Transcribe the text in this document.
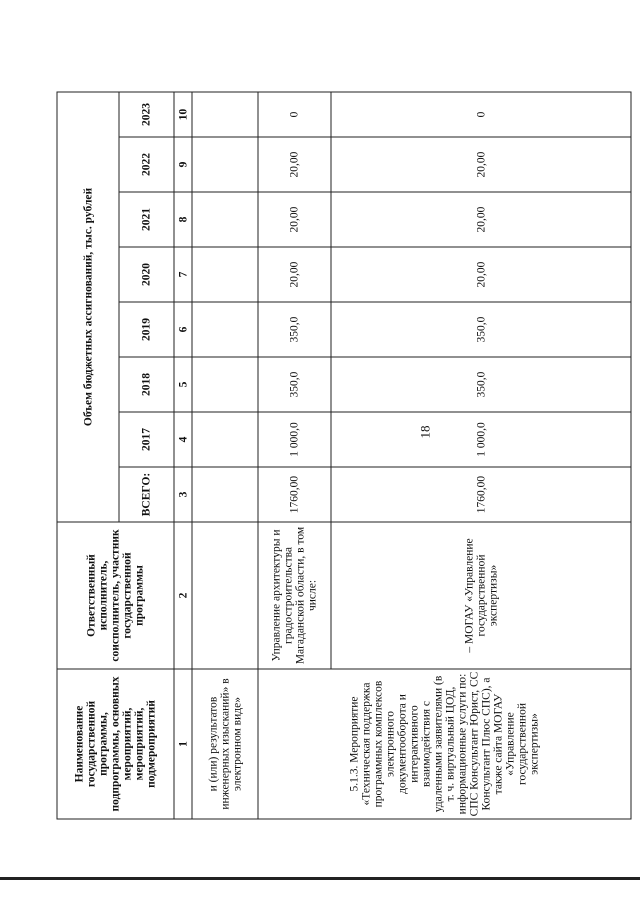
18
Наименование государственной программы, подпрограммы, основных мероприятий, мероприятий, подмероприятий	Ответственный исполнитель, соисполнитель, участник государственной программы	Объем бюджетных ассигнований, тыс. рублей							
		ВСЕГО:	2017	2018	2019	2020	2021	2022	2023
1	2	3	4	5	6	7	8	9	10
и (или) результатов инженерных изысканий» в электронном виде»									
5.1.3. Мероприятие «Техническая поддержка программных комплексов электронного документооборота и интерактивного взаимодействия с удаленными заявителями (в т. ч. виртуальный ЦОД, информационные услуги по: СПС Консультант Юрист, СС Консультант Плюс СПС), а также сайта МОГАУ «Управление государственной экспертизы»	Управление архитектуры и градостроительства Магаданской области, в том числе:	1760,00	1 000,0	350,0	350,0	20,00	20,00	20,00	0
	– МОГАУ «Управление государственной экспертизы»	1760,00	1 000,0	350,0	350,0	20,00	20,00	20,00	0
